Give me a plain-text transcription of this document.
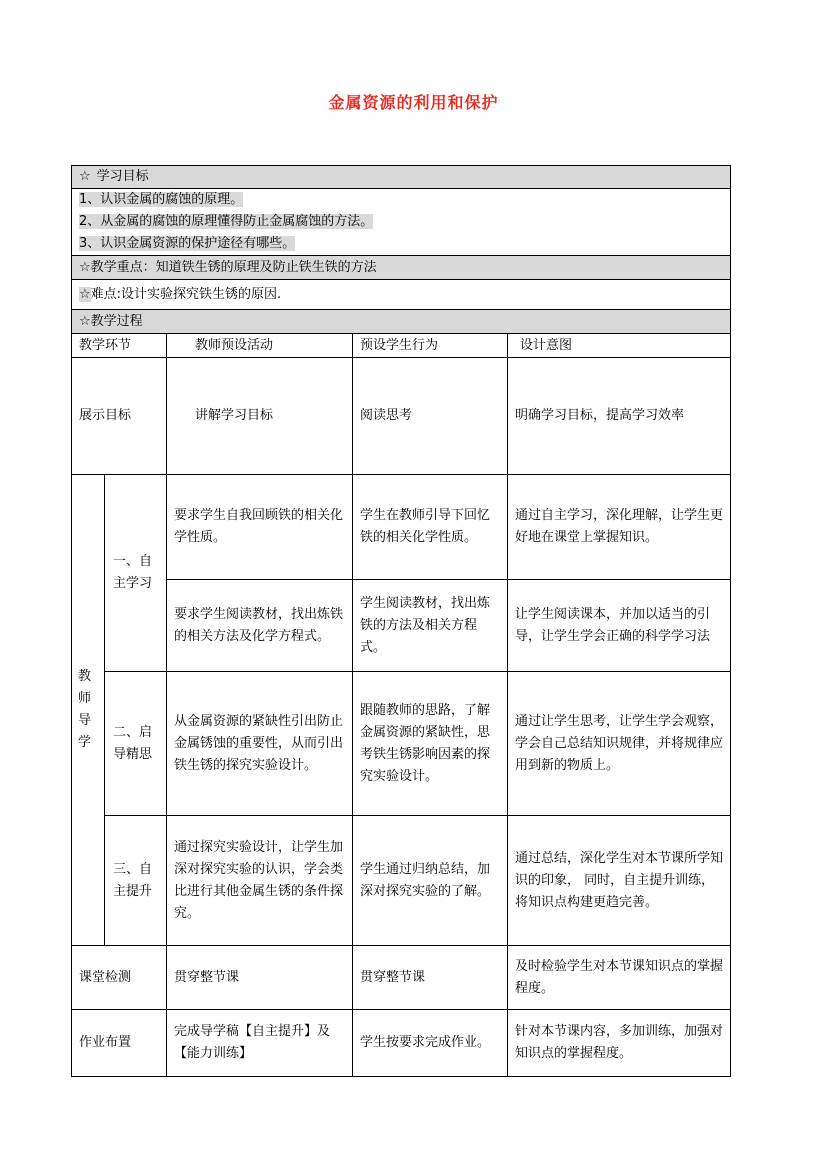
金属资源的利用和保护
☆ 学习目标				

1、认识金属的腐蚀的原理。
2、从金属的腐蚀的原理懂得防止金属腐蚀的方法。
3、认识金属资源的保护途径有哪些。				

☆教学重点：知道铁生锈的原理及防止铁生铁的方法				
☆难点:设计实验探究铁生锈的原因.				
☆教学过程				
教学环节		教师预设活动	预设学生行为	设计意图
展示目标		讲解学习目标	阅读思考	明确学习目标，提高学习效率

教师导学	一、自主学习	要求学生自我回顾铁的相关化学性质。	学生在教师引导下回忆铁的相关化学性质。	通过自主学习，深化理解，让学生更好地在课堂上掌握知识。
		要求学生阅读教材，找出炼铁的相关方法及化学方程式。	学生阅读教材，找出炼铁的方法及相关方程式。	让学生阅读课本，并加以适当的引导，让学生学会正确的科学学习法

	二、启导精思	从金属资源的紧缺性引出防止金属锈蚀的重要性，从而引出铁生锈的探究实验设计。	跟随教师的思路，了解金属资源的紧缺性，思考铁生锈影响因素的探究实验设计。	通过让学生思考，让学生学会观察，学会自己总结知识规律，并将规律应用到新的物质上。

	三、自主提升	通过探究实验设计，让学生加深对探究实验的认识，学会类比进行其他金属生锈的条件探究。	学生通过归纳总结，加深对探究实验的了解。	通过总结，深化学生对本节课所学知识的印象， 同时，自主提升训练，将知识点构建更趋完善。

课堂检测		贯穿整节课	贯穿整节课	及时检验学生对本节课知识点的掌握程度。
作业布置		完成导学稿【自主提升】及【能力训练】	学生按要求完成作业。	针对本节课内容，多加训练，加强对知识点的掌握程度。
